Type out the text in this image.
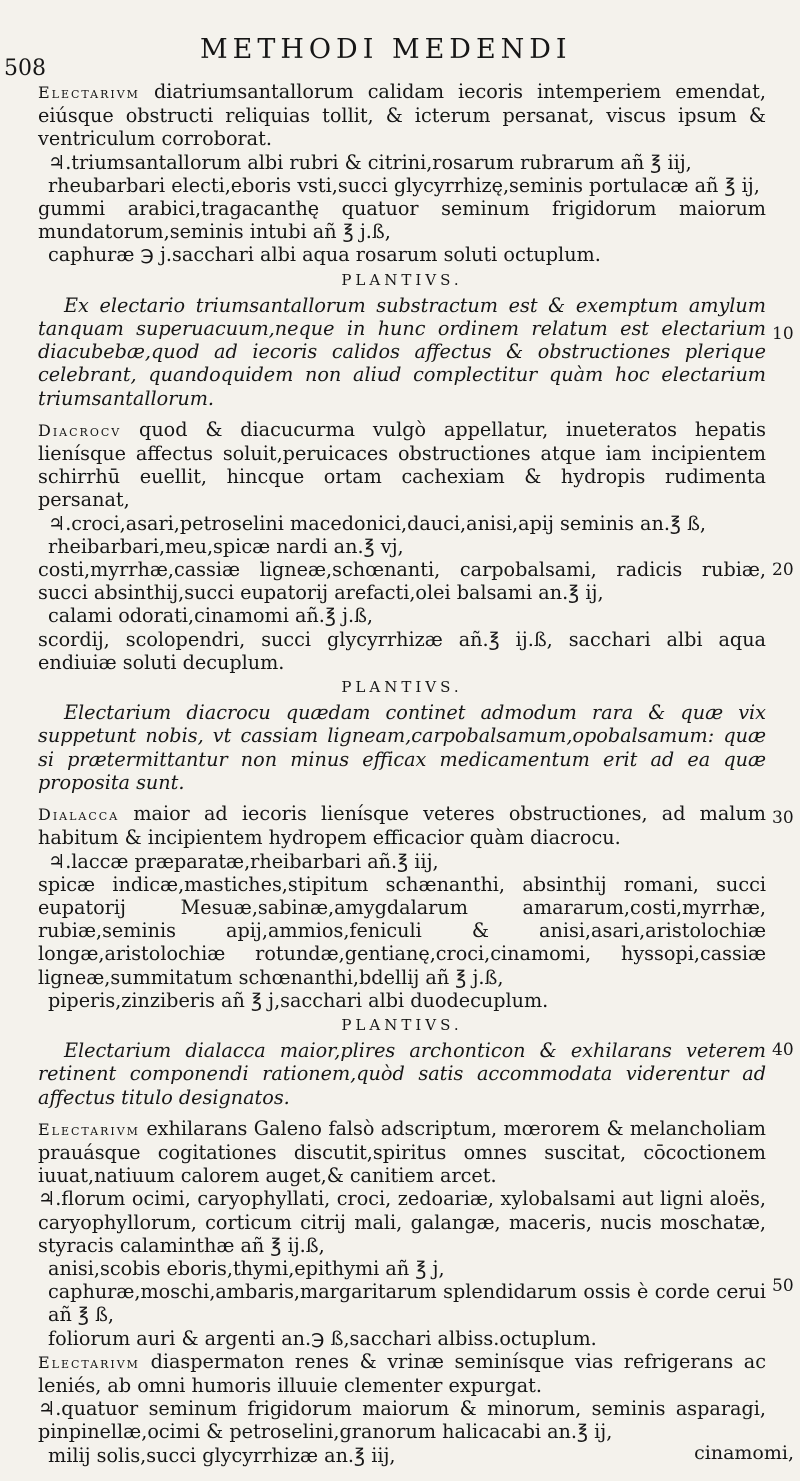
508
METHODI MEDENDI
10
20
30
40
50

Electarivm diatriumsantallorum calidam iecoris intemperiem emendat, eiúsque obstructi reliquias tollit, & icterum persanat, viscus ipsum & ventriculum corroborat.

♃.triumsantallorum albi rubri & citrini,rosarum rubrarum añ ℥ iij,
rheubarbari electi,eboris vsti,succi glycyrrhizę,seminis portulacæ añ ℥ ij,
gummi arabici,tragacanthę quatuor seminum frigidorum maiorum mundatorum,seminis intubi añ ℥ j.ß,
caphuræ ℈ j.sacchari albi aqua rosarum soluti octuplum.
PLANTIVS.

Ex electario triumsantallorum substractum est & exemptum amylum tanquam superuacuum,neque in hunc ordinem relatum est electarium diacubebæ,quod ad iecoris calidos affectus & obstructiones plerique celebrant, quandoquidem non aliud complectitur quàm hoc electarium triumsantallorum.

Diacrocv quod & diacucurma vulgò appellatur, inueteratos hepatis lienísque affectus soluit,peruicaces obstructiones atque iam incipientem schirrhū euellit, hincque ortam cachexiam & hydropis rudimenta persanat,

♃.croci,asari,petroselini macedonici,dauci,anisi,apij seminis an.℥ ß,
rheibarbari,meu,spicæ nardi an.℥ vj,
costi,myrrhæ,cassiæ ligneæ,schœnanti, carpobalsami, radicis rubiæ, succi absinthij,succi eupatorij arefacti,olei balsami an.℥ ij,
calami odorati,cinamomi añ.℥ j.ß,
scordij, scolopendri, succi glycyrrhizæ añ.℥ ij.ß, sacchari albi aqua endiuiæ soluti decuplum.
PLANTIVS.

Electarium diacrocu quædam continet admodum rara & quæ vix suppetunt nobis, vt cassiam ligneam,carpobalsamum,opobalsamum: quæ si prætermittantur non minus efficax medicamentum erit ad ea quæ proposita sunt.

Dialacca maior ad iecoris lienísque veteres obstructiones, ad malum habitum & incipientem hydropem efficacior quàm diacrocu.

♃.laccæ præparatæ,rheibarbari añ.℥ iij,
spicæ indicæ,mastiches,stipitum schænanthi, absinthij romani, succi eupatorij Mesuæ,sabinæ,amygdalarum amararum,costi,myrrhæ, rubiæ,seminis apij,ammios,feniculi & anisi,asari,aristolochiæ longæ,aristolochiæ rotundæ,gentianę,croci,cinamomi, hyssopi,cassiæ ligneæ,summitatum schœnanthi,bdellij añ ℥ j.ß,
piperis,zinziberis añ ℥ j,sacchari albi duodecuplum.
PLANTIVS.

Electarium dialacca maior,plires archonticon & exhilarans veterem retinent componendi rationem,quòd satis accommodata viderentur ad affectus titulo designatos.

Electarivm exhilarans Galeno falsò adscriptum, mœrorem & melancholiam prauásque cogitationes discutit,spiritus omnes suscitat, cōcoctionem iuuat,natiuum calorem auget,& canitiem arcet.

♃.florum ocimi, caryophyllati, croci, zedoariæ, xylobalsami aut ligni aloës, caryophyllorum, corticum citrij mali, galangæ, maceris, nucis moschatæ, styracis calaminthæ añ ℥ ij.ß,
anisi,scobis eboris,thymi,epithymi añ ℥ j,
caphuræ,moschi,ambaris,margaritarum splendidarum ossis è corde cerui añ ℥ ß,
foliorum auri & argenti an.℈ ß,sacchari albiss.octuplum.

Electarivm diaspermaton renes & vrinæ seminísque vias refrigerans ac leniés, ab omni humoris illuuie clementer expurgat.

♃.quatuor seminum frigidorum maiorum & minorum, seminis asparagi, pinpinellæ,ocimi & petroselini,granorum halicacabi an.℥ ij,
milij solis,succi glycyrrhizæ an.℥ iij,	cinamomi,
